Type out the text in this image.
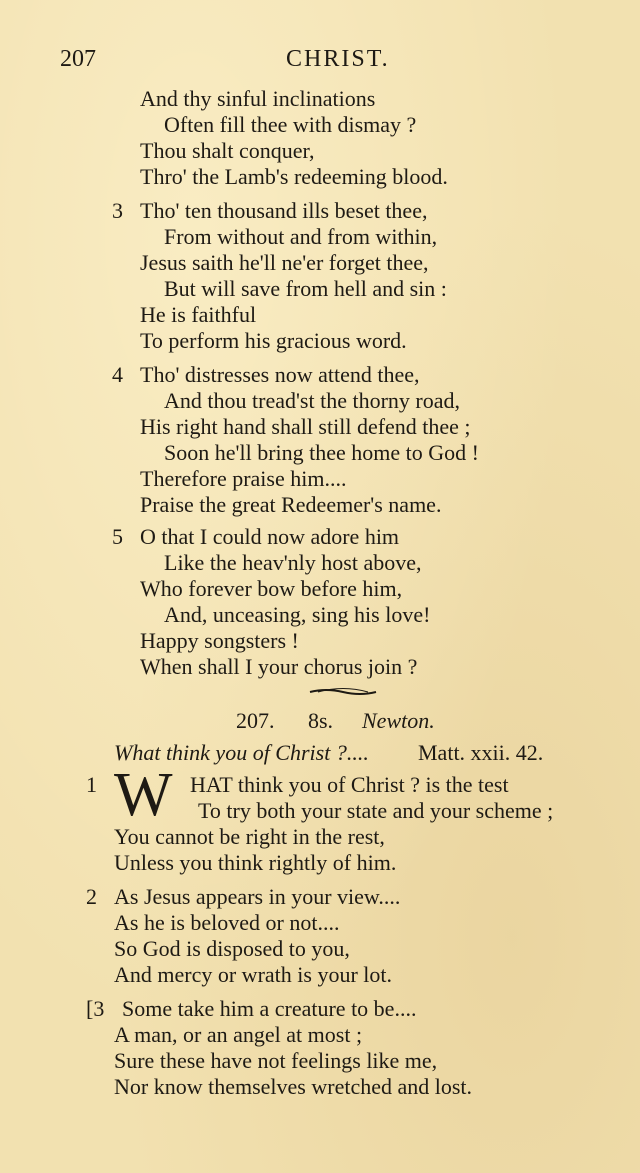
207	CHRIST.
And thy sinful inclinations
Often fill thee with dismay ?
Thou shalt conquer,
Thro' the Lamb's redeeming blood.
3 Tho' ten thousand ills beset thee,
From without and from within,
Jesus saith he'll ne'er forget thee,
But will save from hell and sin :
He is faithful
To perform his gracious word.
4 Tho' distresses now attend thee,
And thou tread'st the thorny road,
His right hand shall still defend thee ;
Soon he'll bring thee home to God !
Therefore praise him....
Praise the great Redeemer's name.
5 O that I could now adore him
Like the heav'nly host above,
Who forever bow before him,
And, unceasing, sing his love!
Happy songsters !
When shall I your chorus join ?
207. 8s. Newton.
What think you of Christ ?.... Matt. xxii. 42.
1 W HAT think you of Christ ? is the test
To try both your state and your scheme ;
You cannot be right in the rest,
Unless you think rightly of him.
2 As Jesus appears in your view....
As he is beloved or not....
So God is disposed to you,
And mercy or wrath is your lot.
[3 Some take him a creature to be....
A man, or an angel at most ;
Sure these have not feelings like me,
Nor know themselves wretched and lost.
